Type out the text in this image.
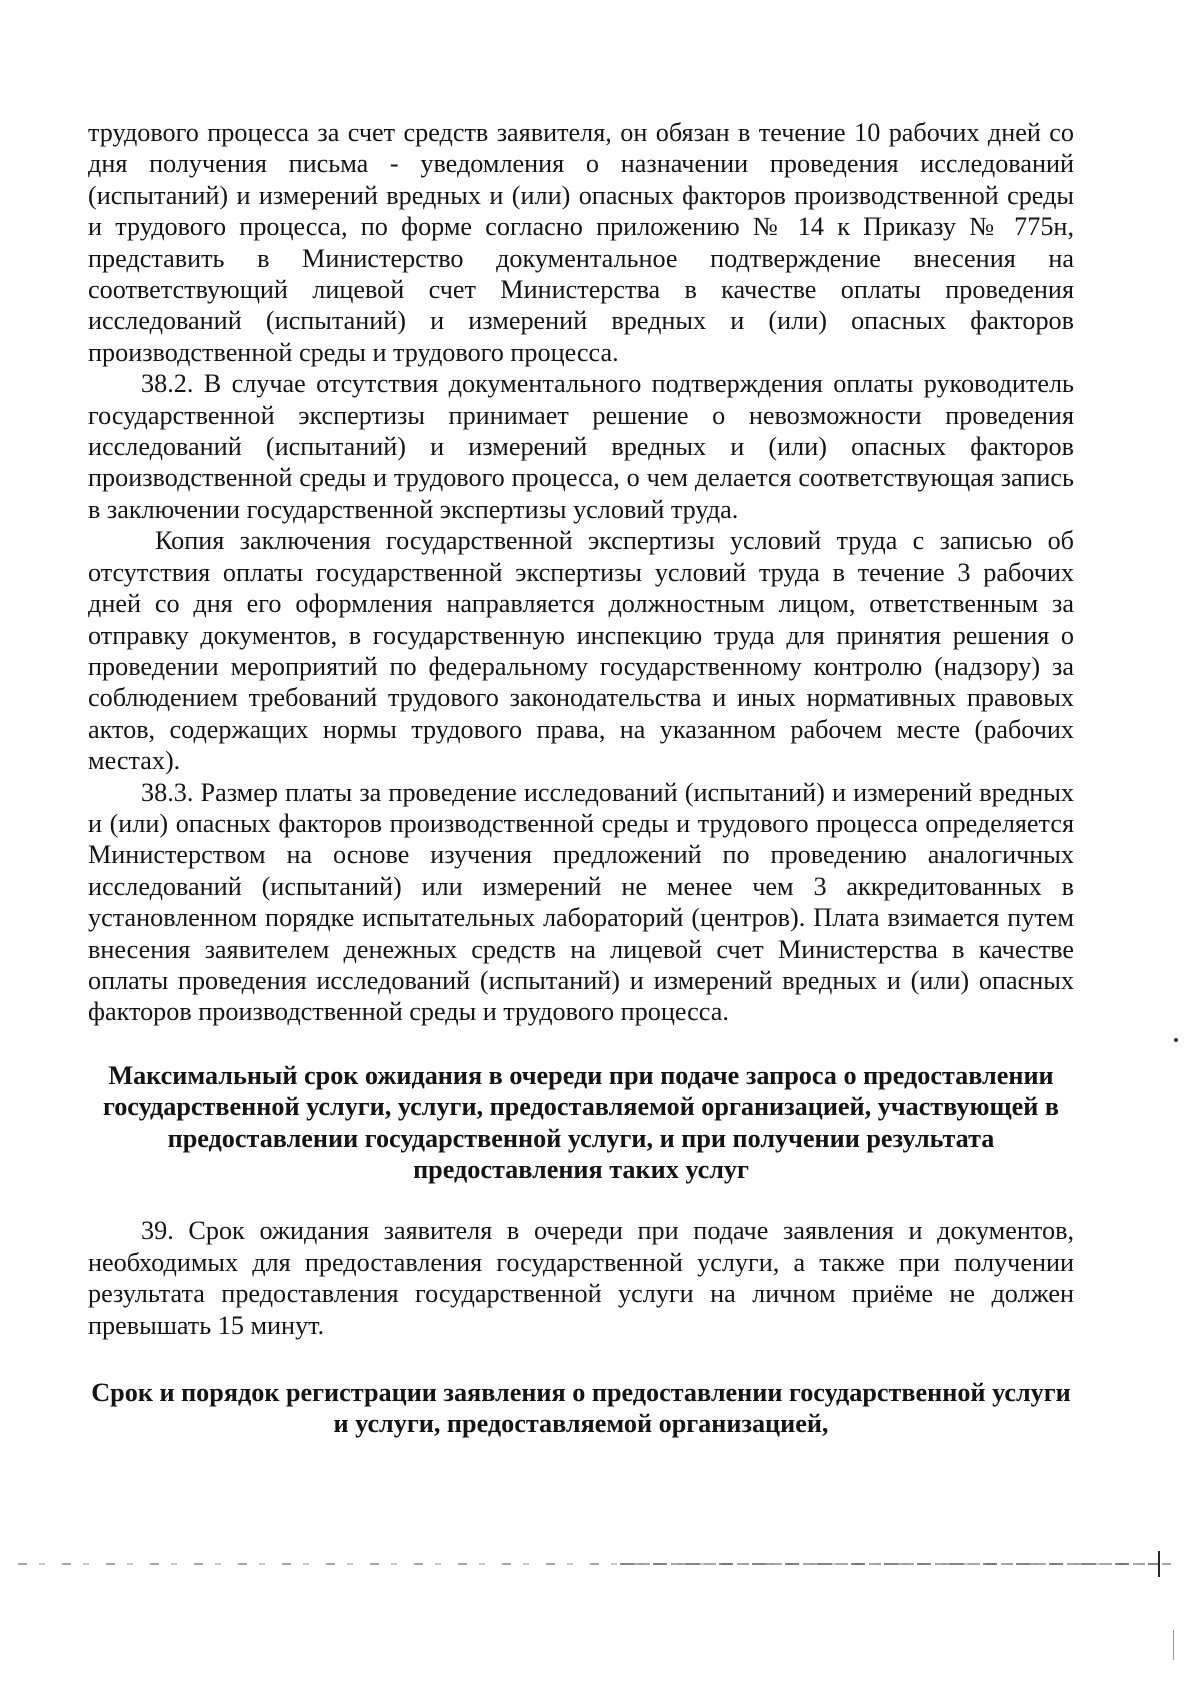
трудового процесса за счет средств заявителя, он обязан в течение 10 рабочих дней со дня получения письма - уведомления о назначении проведения исследований (испытаний) и измерений вредных и (или) опасных факторов производственной среды и трудового процесса, по форме согласно приложению № 14 к Приказу № 775н, представить в Министерство документальное подтверждение внесения на соответствующий лицевой счет Министерства в качестве оплаты проведения исследований (испытаний) и измерений вредных и (или) опасных факторов производственной среды и трудового процесса.

38.2. В случае отсутствия документального подтверждения оплаты руководитель государственной экспертизы принимает решение о невозможности проведения исследований (испытаний) и измерений вредных и (или) опасных факторов производственной среды и трудового процесса, о чем делается соответствующая запись в заключении государственной экспертизы условий труда.

Копия заключения государственной экспертизы условий труда с записью об отсутствия оплаты государственной экспертизы условий труда в течение 3 рабочих дней со дня его оформления направляется должностным лицом, ответственным за отправку документов, в государственную инспекцию труда для принятия решения о проведении мероприятий по федеральному государственному контролю (надзору) за соблюдением требований трудового законодательства и иных нормативных правовых актов, содержащих нормы трудового права, на указанном рабочем месте (рабочих местах).

38.3. Размер платы за проведение исследований (испытаний) и измерений вредных и (или) опасных факторов производственной среды и трудового процесса определяется Министерством на основе изучения предложений по проведению аналогичных исследований (испытаний) или измерений не менее чем 3 аккредитованных в установленном порядке испытательных лабораторий (центров). Плата взимается путем внесения заявителем денежных средств на лицевой счет Министерства в качестве оплаты проведения исследований (испытаний) и измерений вредных и (или) опасных факторов производственной среды и трудового процесса.

Максимальный срок ожидания в очереди при подаче запроса о предоставлении государственной услуги, услуги, предоставляемой организацией, участвующей в предоставлении государственной услуги, и при получении результата предоставления таких услуг

39. Срок ожидания заявителя в очереди при подаче заявления и документов, необходимых для предоставления государственной услуги, а также при получении результата предоставления государственной услуги на личном приёме не должен превышать 15 минут.

Срок и порядок регистрации заявления о предоставлении государственной услуги и услуги, предоставляемой организацией,
